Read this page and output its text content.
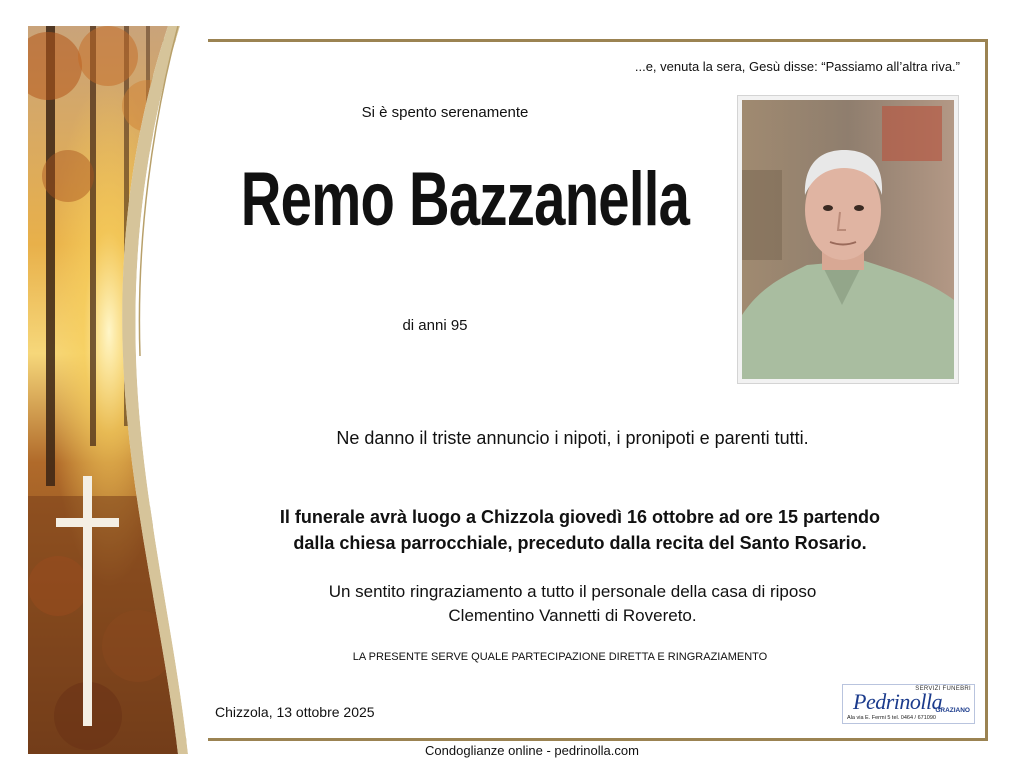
...e, venuta la sera, Gesù disse: “Passiamo all’altra riva.”
Si è spento serenamente
Remo Bazzanella
di anni 95
Ne danno il triste annuncio i nipoti, i pronipoti e parenti tutti.
Il funerale avrà luogo a Chizzola giovedì 16 ottobre ad ore 15 partendo
dalla chiesa parrocchiale, preceduto dalla recita del Santo Rosario.
Un sentito ringraziamento a tutto il personale della casa di riposo
Clementino Vannetti di Rovereto.
LA PRESENTE SERVE QUALE PARTECIPAZIONE DIRETTA E RINGRAZIAMENTO
Chizzola, 13 ottobre 2025
SERVIZI FUNEBRI
Pedrinolla
GRAZIANO
Ala via E. Fermi 5 tel. 0464 / 671090
Condoglianze online - pedrinolla.com
